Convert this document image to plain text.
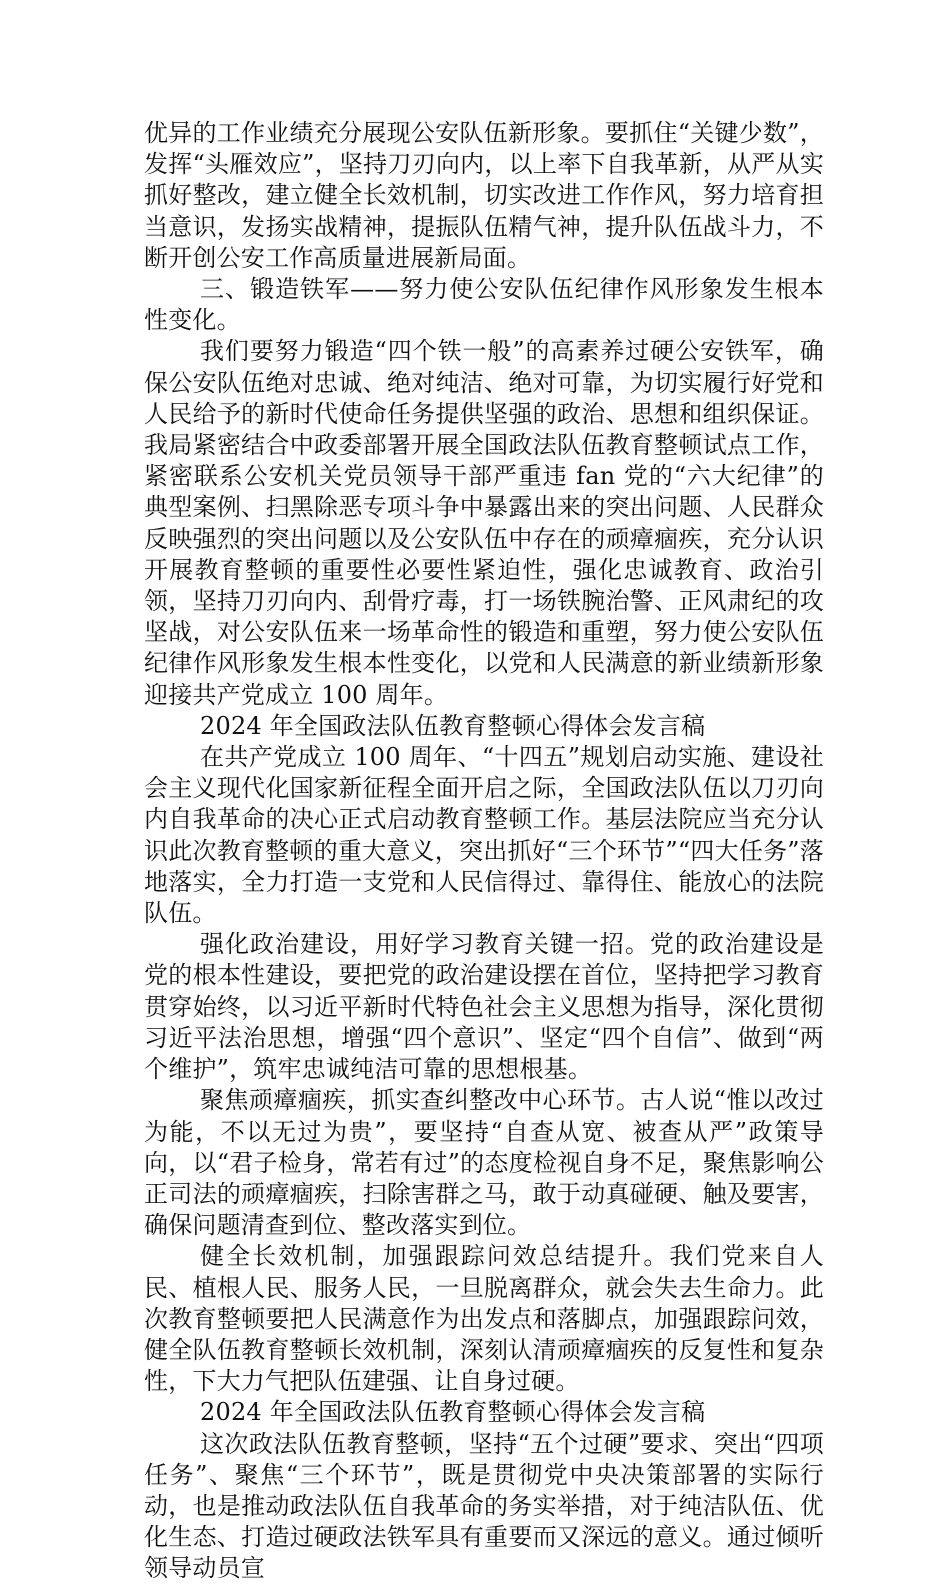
优异的工作业绩充分展现公安队伍新形象。要抓住“关键少数”，发挥“头雁效应”，坚持刀刃向内，以上率下自我革新，从严从实抓好整改，建立健全长效机制，切实改进工作作风，努力培育担当意识，发扬实战精神，提振队伍精气神，提升队伍战斗力，不断开创公安工作高质量进展新局面。

三、锻造铁军——努力使公安队伍纪律作风形象发生根本性变化。

我们要努力锻造“四个铁一般”的高素养过硬公安铁军，确保公安队伍绝对忠诚、绝对纯洁、绝对可靠，为切实履行好党和人民给予的新时代使命任务提供坚强的政治、思想和组织保证。我局紧密结合中政委部署开展全国政法队伍教育整顿试点工作，紧密联系公安机关党员领导干部严重违 fan 党的“六大纪律”的典型案例、扫黑除恶专项斗争中暴露出来的突出问题、人民群众反映强烈的突出问题以及公安队伍中存在的顽瘴痼疾，充分认识开展教育整顿的重要性必要性紧迫性，强化忠诚教育、政治引领，坚持刀刃向内、刮骨疗毒，打一场铁腕治警、正风肃纪的攻坚战，对公安队伍来一场革命性的锻造和重塑，努力使公安队伍纪律作风形象发生根本性变化，以党和人民满意的新业绩新形象迎接共产党成立 100 周年。

2024 年全国政法队伍教育整顿心得体会发言稿

在共产党成立 100 周年、“十四五”规划启动实施、建设社会主义现代化国家新征程全面开启之际，全国政法队伍以刀刃向内自我革命的决心正式启动教育整顿工作。基层法院应当充分认识此次教育整顿的重大意义，突出抓好“三个环节”“四大任务”落地落实，全力打造一支党和人民信得过、靠得住、能放心的法院队伍。

强化政治建设，用好学习教育关键一招。党的政治建设是党的根本性建设，要把党的政治建设摆在首位，坚持把学习教育贯穿始终，以习近平新时代特色社会主义思想为指导，深化贯彻习近平法治思想，增强“四个意识”、坚定“四个自信”、做到“两个维护”，筑牢忠诚纯洁可靠的思想根基。

聚焦顽瘴痼疾，抓实查纠整改中心环节。古人说“惟以改过为能，不以无过为贵”，要坚持“自查从宽、被查从严”政策导向，以“君子检身，常若有过”的态度检视自身不足，聚焦影响公正司法的顽瘴痼疾，扫除害群之马，敢于动真碰硬、触及要害，确保问题清查到位、整改落实到位。

健全长效机制，加强跟踪问效总结提升。我们党来自人民、植根人民、服务人民，一旦脱离群众，就会失去生命力。此次教育整顿要把人民满意作为出发点和落脚点，加强跟踪问效，健全队伍教育整顿长效机制，深刻认清顽瘴痼疾的反复性和复杂性，下大力气把队伍建强、让自身过硬。

2024 年全国政法队伍教育整顿心得体会发言稿

这次政法队伍教育整顿，坚持“五个过硬”要求、突出“四项任务”、聚焦“三个环节”，既是贯彻党中央决策部署的实际行动，也是推动政法队伍自我革命的务实举措，对于纯洁队伍、优化生态、打造过硬政法铁军具有重要而又深远的意义。通过倾听领导动员宣
